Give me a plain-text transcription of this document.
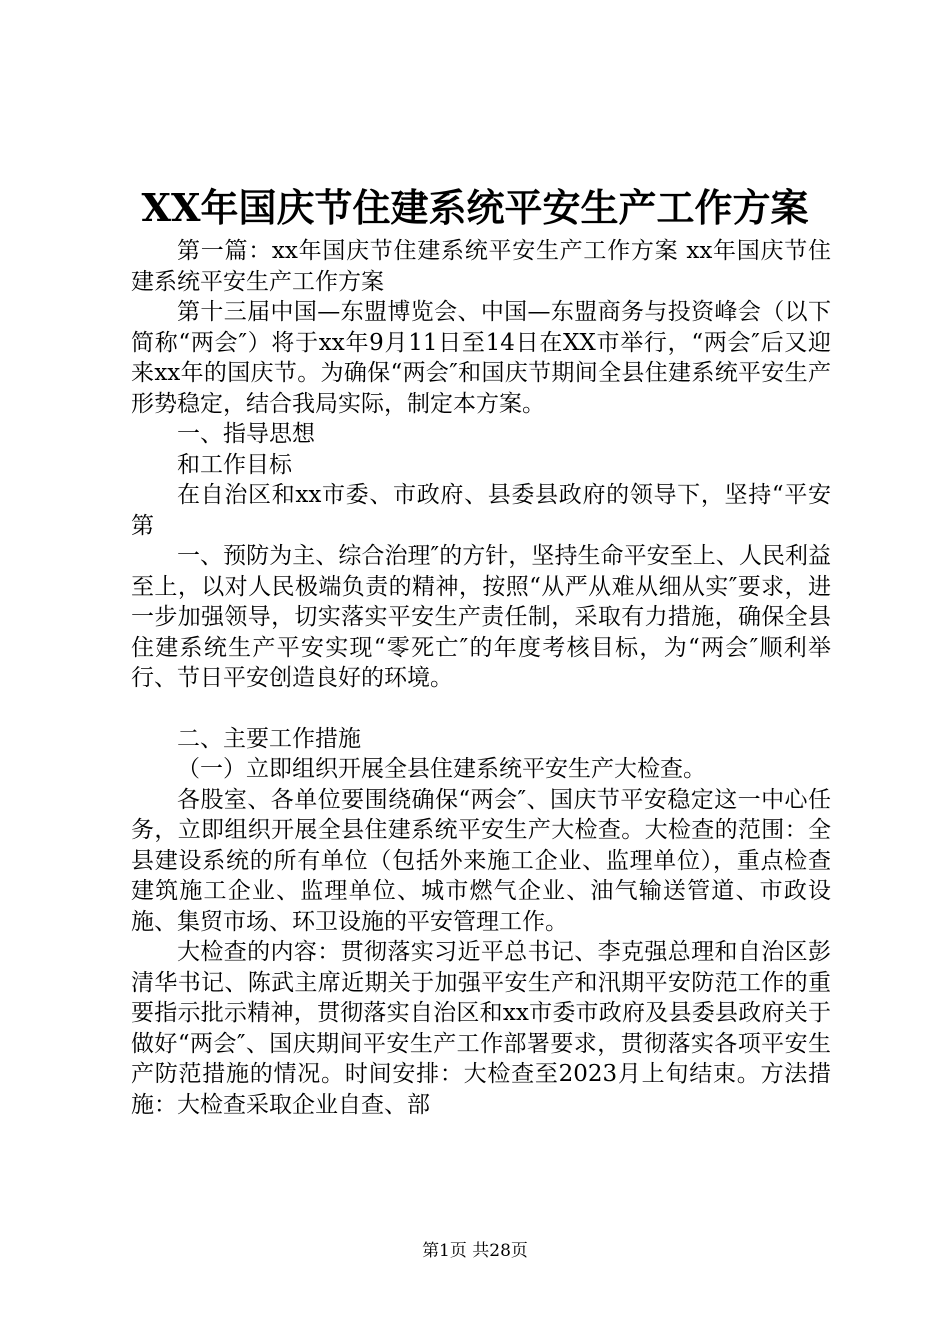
XX年国庆节住建系统平安生产工作方案

第一篇：xx年国庆节住建系统平安生产工作方案 xx年国庆节住建系统平安生产工作方案

第十三届中国—东盟博览会、中国—东盟商务与投资峰会（以下简称“两会″）将于xx年9月11日至14日在XX市举行，“两会″后又迎来xx年的国庆节。为确保“两会″和国庆节期间全县住建系统平安生产形势稳定，结合我局实际，制定本方案。

一、指导思想

和工作目标

在自治区和xx市委、市政府、县委县政府的领导下，坚持“平安第

一、预防为主、综合治理″的方针，坚持生命平安至上、人民利益至上，以对人民极端负责的精神，按照“从严从难从细从实″要求，进一步加强领导，切实落实平安生产责任制，采取有力措施，确保全县住建系统生产平安实现“零死亡″的年度考核目标，为“两会″顺利举行、节日平安创造良好的环境。

二、主要工作措施

（一）立即组织开展全县住建系统平安生产大检查。

各股室、各单位要围绕确保“两会″、国庆节平安稳定这一中心任务，立即组织开展全县住建系统平安生产大检查。大检查的范围：全县建设系统的所有单位（包括外来施工企业、监理单位），重点检查建筑施工企业、监理单位、城市燃气企业、油气输送管道、市政设施、集贸市场、环卫设施的平安管理工作。

大检查的内容：贯彻落实习近平总书记、李克强总理和自治区彭清华书记、陈武主席近期关于加强平安生产和汛期平安防范工作的重要指示批示精神，贯彻落实自治区和xx市委市政府及县委县政府关于做好“两会″、国庆期间平安生产工作部署要求，贯彻落实各项平安生产防范措施的情况。时间安排：大检查至2023月上旬结束。方法措施：大检查采取企业自查、部

第1页 共28页
